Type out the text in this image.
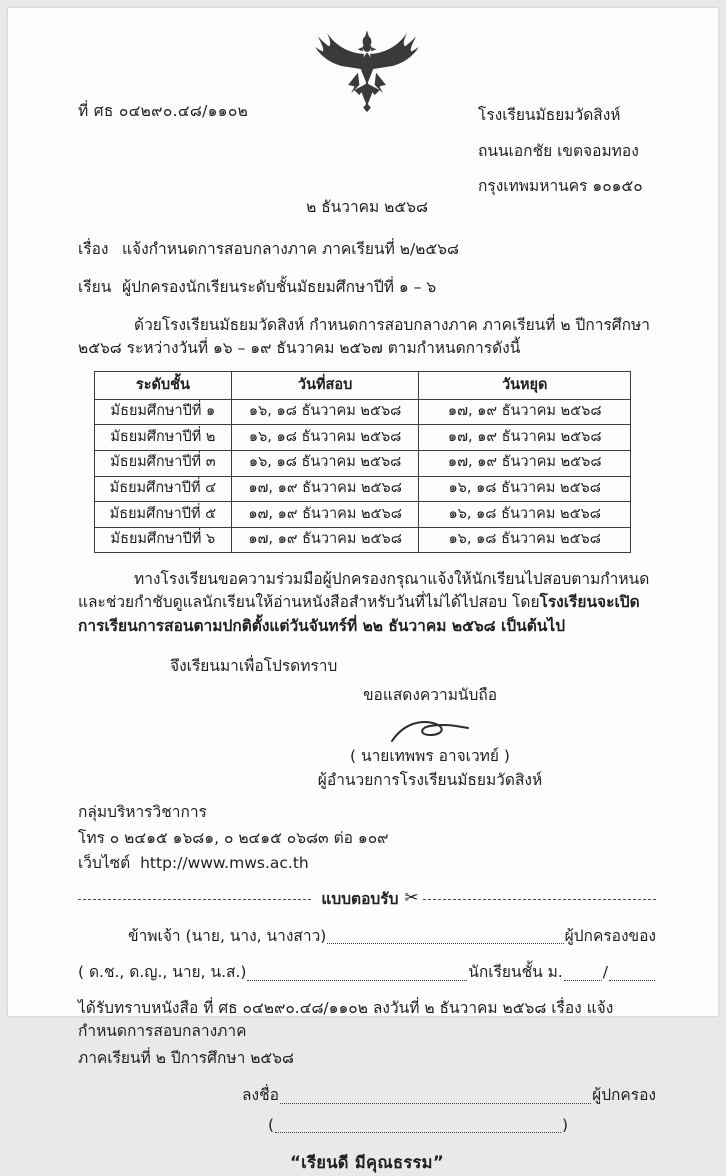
ที่ ศธ ๐๔๒๙๐.๔๘/๑๑๐๒	โรงเรียนมัธยมวัดสิงห์
ถนนเอกชัย เขตจอมทอง
กรุงเทพมหานคร ๑๐๑๕๐
๒ ธันวาคม ๒๕๖๘
เรื่อง แจ้งกำหนดการสอบกลางภาค ภาคเรียนที่ ๒/๒๕๖๘
เรียน ผู้ปกครองนักเรียนระดับชั้นมัธยมศึกษาปีที่ ๑ – ๖

ด้วยโรงเรียนมัธยมวัดสิงห์ กำหนดการสอบกลางภาค ภาคเรียนที่ ๒ ปีการศึกษา ๒๕๖๘ ระหว่างวันที่ ๑๖ – ๑๙ ธันวาคม ๒๕๖๗ ตามกำหนดการดังนี้

ระดับชั้น	วันที่สอบ	วันหยุด
มัธยมศึกษาปีที่ ๑	๑๖, ๑๘ ธันวาคม ๒๕๖๘	๑๗, ๑๙ ธันวาคม ๒๕๖๘
มัธยมศึกษาปีที่ ๒	๑๖, ๑๘ ธันวาคม ๒๕๖๘	๑๗, ๑๙ ธันวาคม ๒๕๖๘
มัธยมศึกษาปีที่ ๓	๑๖, ๑๘ ธันวาคม ๒๕๖๘	๑๗, ๑๙ ธันวาคม ๒๕๖๘
มัธยมศึกษาปีที่ ๔	๑๗, ๑๙ ธันวาคม ๒๕๖๘	๑๖, ๑๘ ธันวาคม ๒๕๖๘
มัธยมศึกษาปีที่ ๕	๑๗, ๑๙ ธันวาคม ๒๕๖๘	๑๖, ๑๘ ธันวาคม ๒๕๖๘
มัธยมศึกษาปีที่ ๖	๑๗, ๑๙ ธันวาคม ๒๕๖๘	๑๖, ๑๘ ธันวาคม ๒๕๖๘

ทางโรงเรียนขอความร่วมมือผู้ปกครองกรุณาแจ้งให้นักเรียนไปสอบตามกำหนด และช่วยกำชับดูแลนักเรียนให้อ่านหนังสือสำหรับวันที่ไม่ได้ไปสอบ โดยโรงเรียนจะเปิดการเรียนการสอนตามปกติตั้งแต่วันจันทร์ที่ ๒๒ ธันวาคม ๒๕๖๘ เป็นต้นไป

จึงเรียนมาเพื่อโปรดทราบ
ขอแสดงความนับถือ
( นายเทพพร อาจเวทย์ )
ผู้อำนวยการโรงเรียนมัธยมวัดสิงห์
กลุ่มบริหารวิชาการ
โทร ๐ ๒๔๑๕ ๑๖๘๑, ๐ ๒๔๑๕ ๐๖๘๓ ต่อ ๑๐๙
เว็บไซต์ http://www.mws.ac.th
แบบตอบรับ ✂
ข้าพเจ้า (นาย, นาง, นางสาว)	ผู้ปกครองของ
( ด.ช., ด.ญ., นาย, น.ส.)	นักเรียนชั้น ม.	/

ได้รับทราบหนังสือ ที่ ศธ ๐๔๒๙๐.๔๘/๑๑๐๒ ลงวันที่ ๒ ธันวาคม ๒๕๖๘ เรื่อง แจ้งกำหนดการสอบกลางภาค

ภาคเรียนที่ ๒ ปีการศึกษา ๒๕๖๘

ลงชื่อ	ผู้ปกครอง
(	)
“เรียนดี มีคุณธรรม”
